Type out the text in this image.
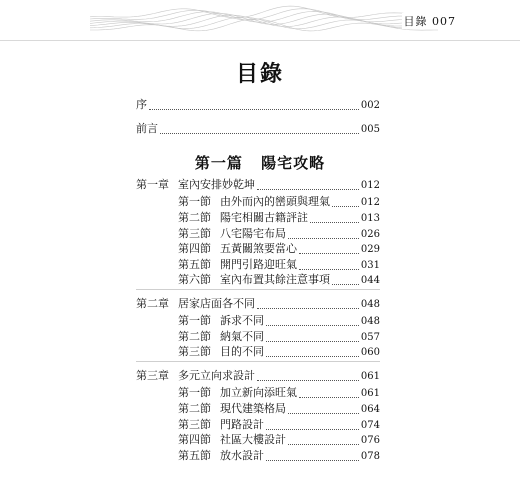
目錄 007
目錄
序	002
前言	005
第一篇 陽宅攻略
第一章 室內安排妙乾坤	012
第一節 由外而內的巒頭與理氣	012
第二節 陽宅相關古籍評註	013
第三節 八宅陽宅布局	026
第四節 五黃關煞要當心	029
第五節 開門引路迎旺氣	031
第六節 室內布置其餘注意事項	044
第二章 居家店面各不同	048
第一節 訴求不同	048
第二節 納氣不同	057
第三節 目的不同	060
第三章 多元立向求設計	061
第一節 加立新向添旺氣	061
第二節 現代建築格局	064
第三節 門路設計	074
第四節 社區大樓設計	076
第五節 放水設計	078
